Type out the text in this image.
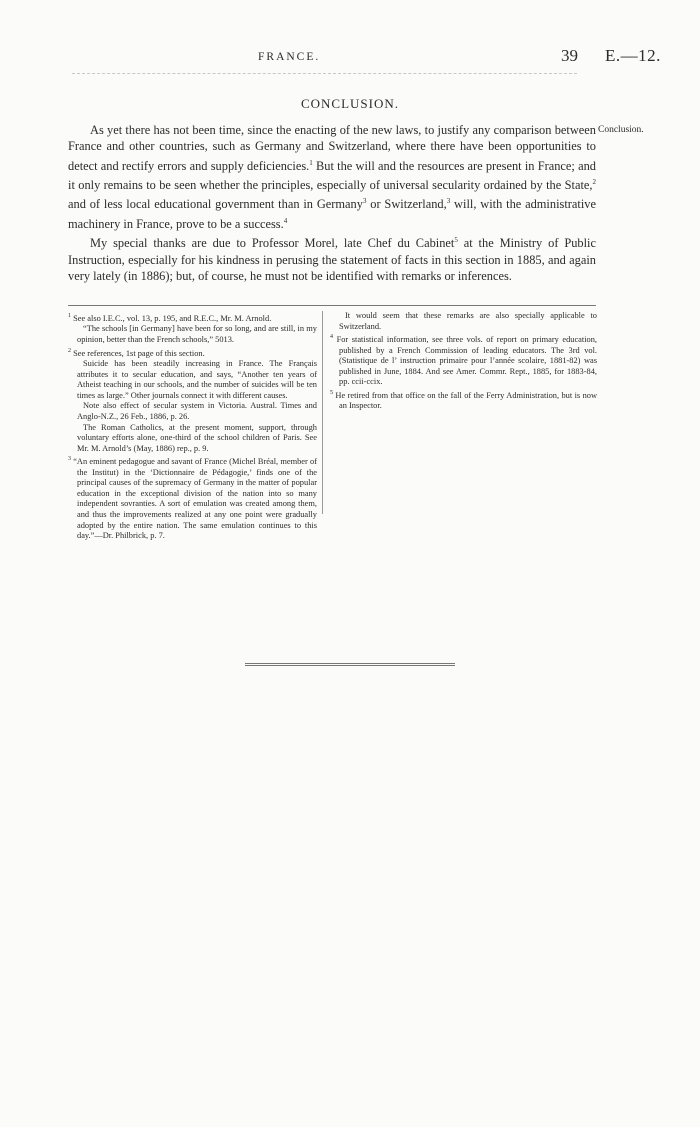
FRANCE.	39 E.—12.
CONCLUSION.
Conclusion.

As yet there has not been time, since the enacting of the new laws, to justify any comparison between France and other countries, such as Germany and Switzerland, where there have been opportunities to detect and rectify errors and supply deficiencies.$^1$ But the will and the resources are present in France; and it only remains to be seen whether the principles, especially of universal secularity ordained by the State,$^2$ and of less local educational government than in Germany$^3$ or Switzerland,$^3$ will, with the administrative machinery in France, prove to be a success.$^4$

My special thanks are due to Professor Morel, late Chef du Cabinet$^5$ at the Ministry of Public Instruction, especially for his kindness in perusing the statement of facts in this section in 1885, and again very lately (in 1886); but, of course, he must not be identified with remarks or inferences.

$^1$ See also I.E.C., vol. 13, p. 195, and R.E.C., Mr. M. Arnold.

“The schools [in Germany] have been for so long, and are still, in my opinion, better than the French schools,” 5013.

$^2$ See references, 1st page of this section.

Suicide has been steadily increasing in France. The Français attributes it to secular education, and says, “Another ten years of Atheist teaching in our schools, and the number of suicides will be ten times as large.” Other journals connect it with different causes.

Note also effect of secular system in Victoria. Austral. Times and Anglo-N.Z., 26 Feb., 1886, p. 26.

The Roman Catholics, at the present moment, support, through voluntary efforts alone, one-third of the school children of Paris. See Mr. M. Arnold’s (May, 1886) rep., p. 9.

$^3$ “An eminent pedagogue and savant of France (Michel Bréal, member of the Institut) in the ‘Dictionnaire de Pédagogie,’ finds one of the principal causes of the supremacy of Germany in the matter of popular education in the exceptional division of the nation into so many independent sovranties. A sort of emulation was created among them, and thus the improvements realized at any one point were gradually adopted by the entire nation. The same emulation continues to this day.”—Dr. Philbrick, p. 7.

It would seem that these remarks are also specially applicable to Switzerland.

$^4$ For statistical information, see three vols. of report on primary education, published by a French Commission of leading educators. The 3rd vol. (Statistique de l’ instruction primaire pour l’année scolaire, 1881-82) was published in June, 1884. And see Amer. Commr. Rept., 1885, for 1883-84, pp. ccii-ccix.

$^5$ He retired from that office on the fall of the Ferry Administration, but is now an Inspector.
